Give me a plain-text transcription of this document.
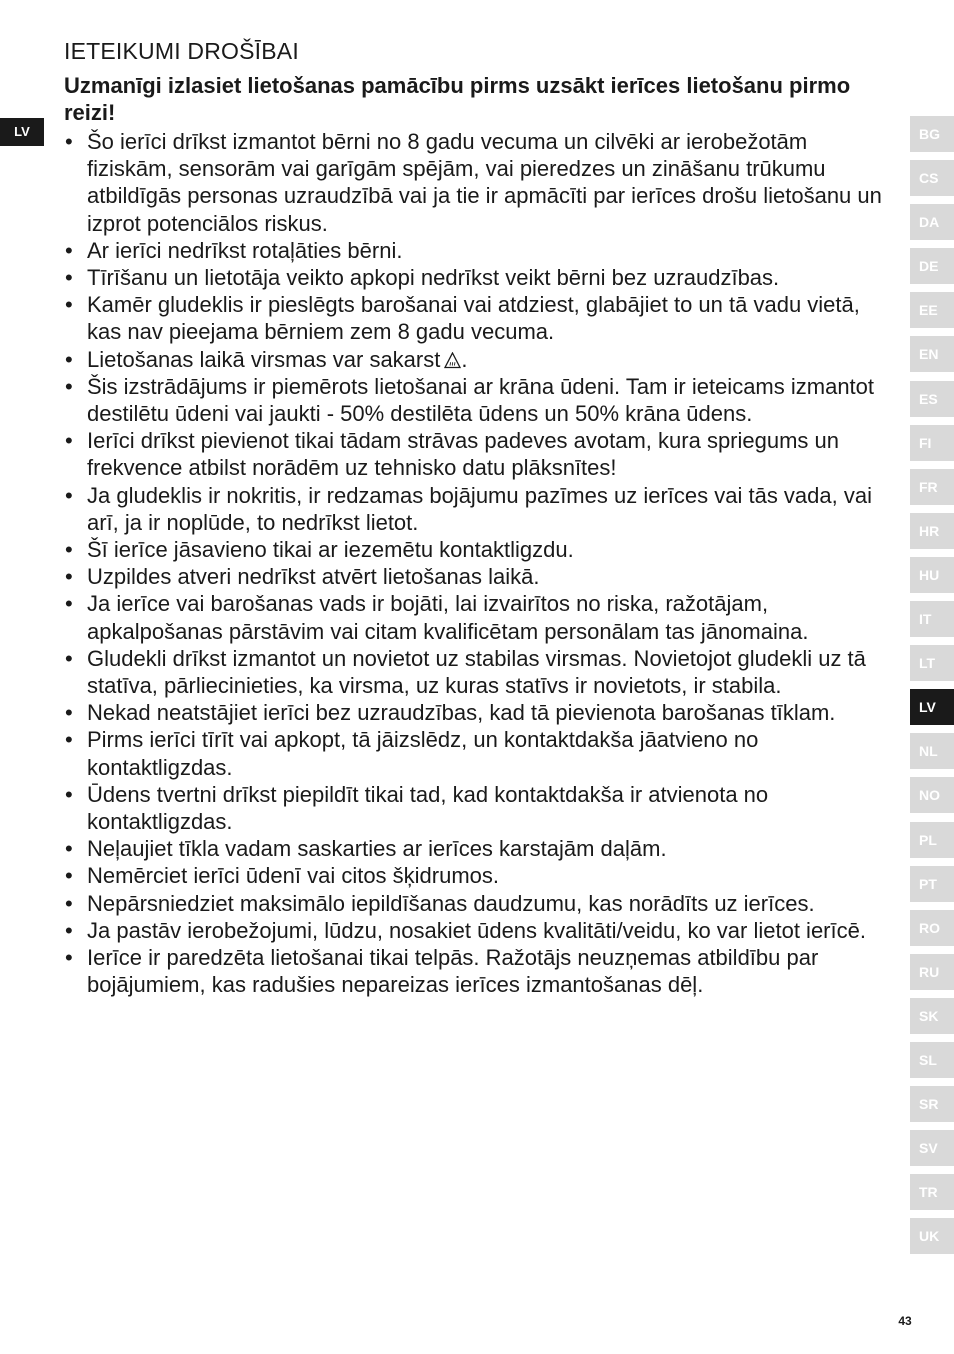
LV
IETEIKUMI DROŠĪBAI

Uzmanīgi izlasiet lietošanas pamācību pirms uzsākt ierīces lietošanu pirmo reizi!

• Šo ierīci drīkst izmantot bērni no 8 gadu vecuma un cilvēki ar ierobežotām fiziskām, sensorām vai garīgām spējām, vai pieredzes un zināšanu trūkumu atbildīgās personas uzraudzībā vai ja tie ir apmācīti par ierīces drošu lietošanu un izprot potenciālos riskus.
• Ar ierīci nedrīkst rotaļāties bērni.
• Tīrīšanu un lietotāja veikto apkopi nedrīkst veikt bērni bez uzraudzības.
• Kamēr gludeklis ir pieslēgts barošanai vai atdziest, glabājiet to un tā vadu vietā, kas nav pieejama bērniem zem 8 gadu vecuma.
• Lietošanas laikā virsmas var sakarst .
• Šis izstrādājums ir piemērots lietošanai ar krāna ūdeni. Tam ir ieteicams izmantot destilētu ūdeni vai jaukti - 50% destilēta ūdens un 50% krāna ūdens.
• Ierīci drīkst pievienot tikai tādam strāvas padeves avotam, kura spriegums un frekvence atbilst norādēm uz tehnisko datu plāksnītes!
• Ja gludeklis ir nokritis, ir redzamas bojājumu pazīmes uz ierīces vai tās vada, vai arī, ja ir noplūde, to nedrīkst lietot.
• Šī ierīce jāsavieno tikai ar iezemētu kontaktligzdu.
• Uzpildes atveri nedrīkst atvērt lietošanas laikā.
• Ja ierīce vai barošanas vads ir bojāti, lai izvairītos no riska, ražotājam, apkalpošanas pārstāvim vai citam kvalificētam personālam tas jānomaina.
• Gludekli drīkst izmantot un novietot uz stabilas virsmas. Novietojot gludekli uz tā statīva, pārliecinieties, ka virsma, uz kuras statīvs ir novietots, ir stabila.
• Nekad neatstājiet ierīci bez uzraudzības, kad tā pievienota barošanas tīklam.
• Pirms ierīci tīrīt vai apkopt, tā jāizslēdz, un kontaktdakša jāatvieno no kontaktligzdas.
• Ūdens tvertni drīkst piepildīt tikai tad, kad kontaktdakša ir atvienota no kontaktligzdas.
• Neļaujiet tīkla vadam saskarties ar ierīces karstajām daļām.
• Nemērciet ierīci ūdenī vai citos šķidrumos.
• Nepārsniedziet maksimālo iepildīšanas daudzumu, kas norādīts uz ierīces.
• Ja pastāv ierobežojumi, lūdzu, nosakiet ūdens kvalitāti/veidu, ko var lietot ierīcē.
• Ierīce ir paredzēta lietošanai tikai telpās. Ražotājs neuzņemas atbildību par bojājumiem, kas radušies nepareizas ierīces izmantošanas dēļ.
BG
CS
DA
DE
EE
EN
ES
FI
FR
HR
HU
IT
LT
LV
NL
NO
PL
PT
RO
RU
SK
SL
SR
SV
TR
UK
43
